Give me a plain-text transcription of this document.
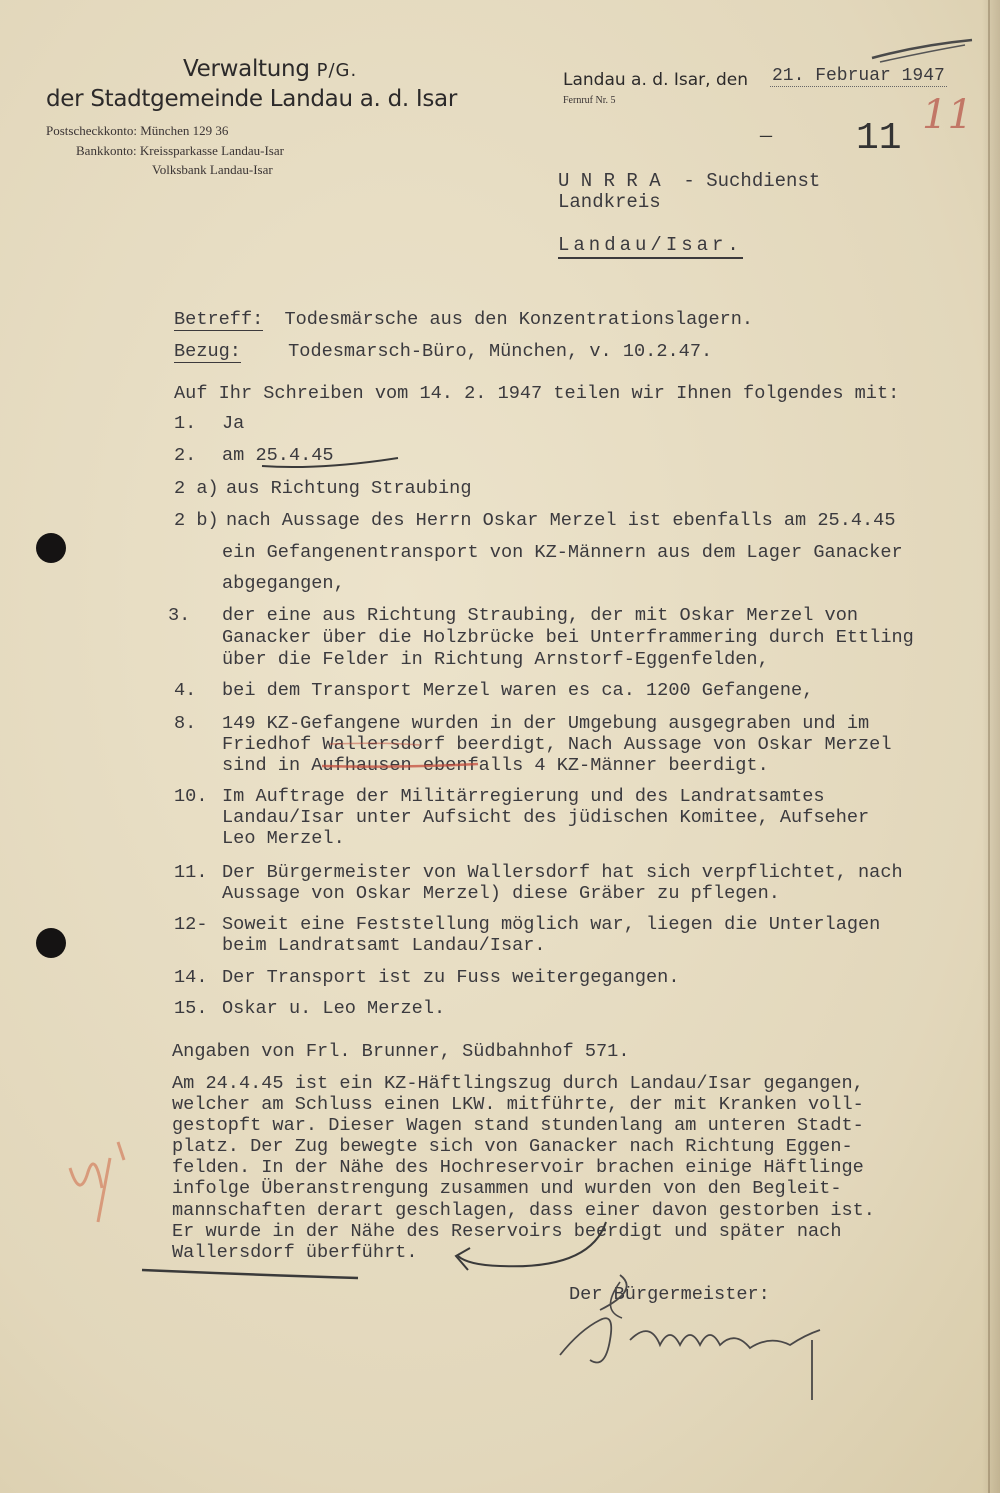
Verwaltung P/G.
der Stadtgemeinde Landau a. d. Isar
Postscheckkonto: München 129 36
Bankkonto: Kreissparkasse Landau-Isar
Volksbank Landau-Isar
Landau a. d. Isar, den 21. Februar 1947
Fernruf Nr. 5
– 11
11
U N R R A  - Suchdienst
Landkreis
Landau/Isar.
Betreff: Todesmärsche aus den Konzentrationslagern.
Bezug:	Todesmarsch-Büro, München, v. 10.2.47.
Auf Ihr Schreiben vom 14. 2. 1947 teilen wir Ihnen folgendes mit:
1. Ja
2. am 25.4.45
2 a) aus Richtung Straubing
2 b) nach Aussage des Herrn Oskar Merzel ist ebenfalls am 25.4.45
ein Gefangenentransport von KZ-Männern aus dem Lager Ganacker
abgegangen,
3. der eine aus Richtung Straubing, der mit Oskar Merzel von
Ganacker über die Holzbrücke bei Unterframmering durch Ettling
über die Felder in Richtung Arnstorf-Eggenfelden,
4. bei dem Transport Merzel waren es ca. 1200 Gefangene,
8. 149 KZ-Gefangene wurden in der Umgebung ausgegraben und im
Friedhof Wallersdorf beerdigt, Nach Aussage von Oskar Merzel
sind in Aufhausen ebenfalls 4 KZ-Männer beerdigt.
10. Im Auftrage der Militärregierung und des Landratsamtes
Landau/Isar unter Aufsicht des jüdischen Komitee, Aufseher
Leo Merzel.
11. Der Bürgermeister von Wallersdorf hat sich verpflichtet, nach
Aussage von Oskar Merzel) diese Gräber zu pflegen.
12- Soweit eine Feststellung möglich war, liegen die Unterlagen
beim Landratsamt Landau/Isar.
14. Der Transport ist zu Fuss weitergegangen.
15. Oskar u. Leo Merzel.
Angaben von Frl. Brunner, Südbahnhof 571.
Am 24.4.45 ist ein KZ-Häftlingszug durch Landau/Isar gegangen,
welcher am Schluss einen LKW. mitführte, der mit Kranken voll-
gestopft war. Dieser Wagen stand stundenlang am unteren Stadt-
platz. Der Zug bewegte sich von Ganacker nach Richtung Eggen-
felden. In der Nähe des Hochreservoir brachen einige Häftlinge
infolge Überanstrengung zusammen und wurden von den Begleit-
mannschaften derart geschlagen, dass einer davon gestorben ist.
Er wurde in der Nähe des Reservoirs beerdigt und später nach
Wallersdorf überführt.
Der Bürgermeister:
